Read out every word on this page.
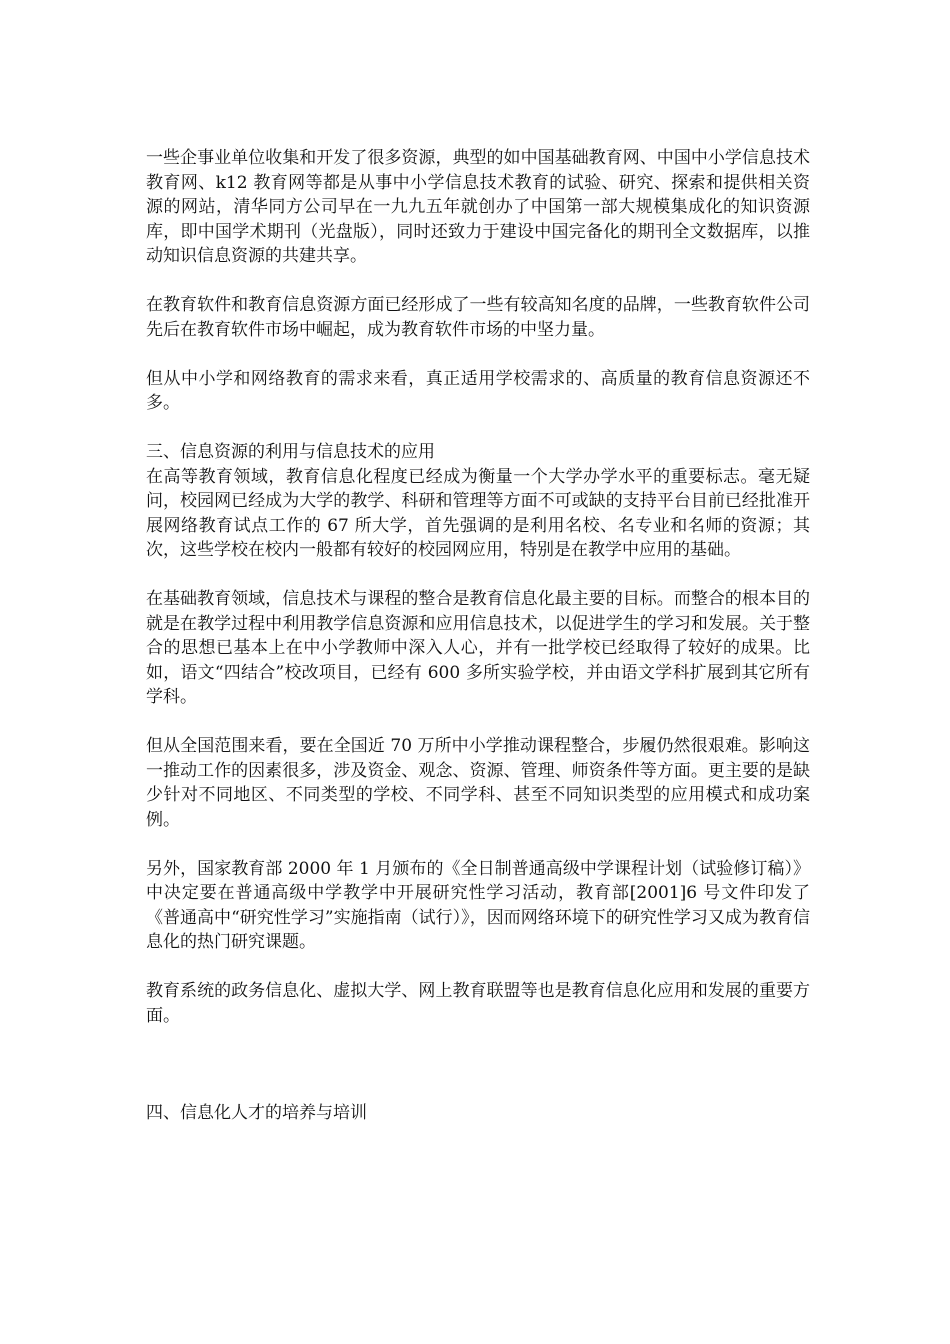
一些企事业单位收集和开发了很多资源，典型的如中国基础教育网、中国中小学信息技术教育网、k12 教育网等都是从事中小学信息技术教育的试验、研究、探索和提供相关资源的网站，清华同方公司早在一九九五年就创办了中国第一部大规模集成化的知识资源库，即中国学术期刊（光盘版），同时还致力于建设中国完备化的期刊全文数据库，以推动知识信息资源的共建共享。

在教育软件和教育信息资源方面已经形成了一些有较高知名度的品牌，一些教育软件公司先后在教育软件市场中崛起，成为教育软件市场的中坚力量。

但从中小学和网络教育的需求来看，真正适用学校需求的、高质量的教育信息资源还不多。

三、信息资源的利用与信息技术的应用

在高等教育领域，教育信息化程度已经成为衡量一个大学办学水平的重要标志。毫无疑问，校园网已经成为大学的教学、科研和管理等方面不可或缺的支持平台目前已经批准开展网络教育试点工作的 67 所大学，首先强调的是利用名校、名专业和名师的资源；其次，这些学校在校内一般都有较好的校园网应用，特别是在教学中应用的基础。

在基础教育领域，信息技术与课程的整合是教育信息化最主要的目标。而整合的根本目的就是在教学过程中利用教学信息资源和应用信息技术，以促进学生的学习和发展。关于整合的思想已基本上在中小学教师中深入人心，并有一批学校已经取得了较好的成果。比如，语文“四结合”校改项目，已经有 600 多所实验学校，并由语文学科扩展到其它所有学科。

但从全国范围来看，要在全国近 70 万所中小学推动课程整合，步履仍然很艰难。影响这一推动工作的因素很多，涉及资金、观念、资源、管理、师资条件等方面。更主要的是缺少针对不同地区、不同类型的学校、不同学科、甚至不同知识类型的应用模式和成功案例。

另外，国家教育部 2000 年 1 月颁布的《全日制普通高级中学课程计划（试验修订稿）》中决定要在普通高级中学教学中开展研究性学习活动，教育部[2001]6 号文件印发了《普通高中“研究性学习”实施指南（试行）》，因而网络环境下的研究性学习又成为教育信息化的热门研究课题。

教育系统的政务信息化、虚拟大学、网上教育联盟等也是教育信息化应用和发展的重要方面。

四、信息化人才的培养与培训
